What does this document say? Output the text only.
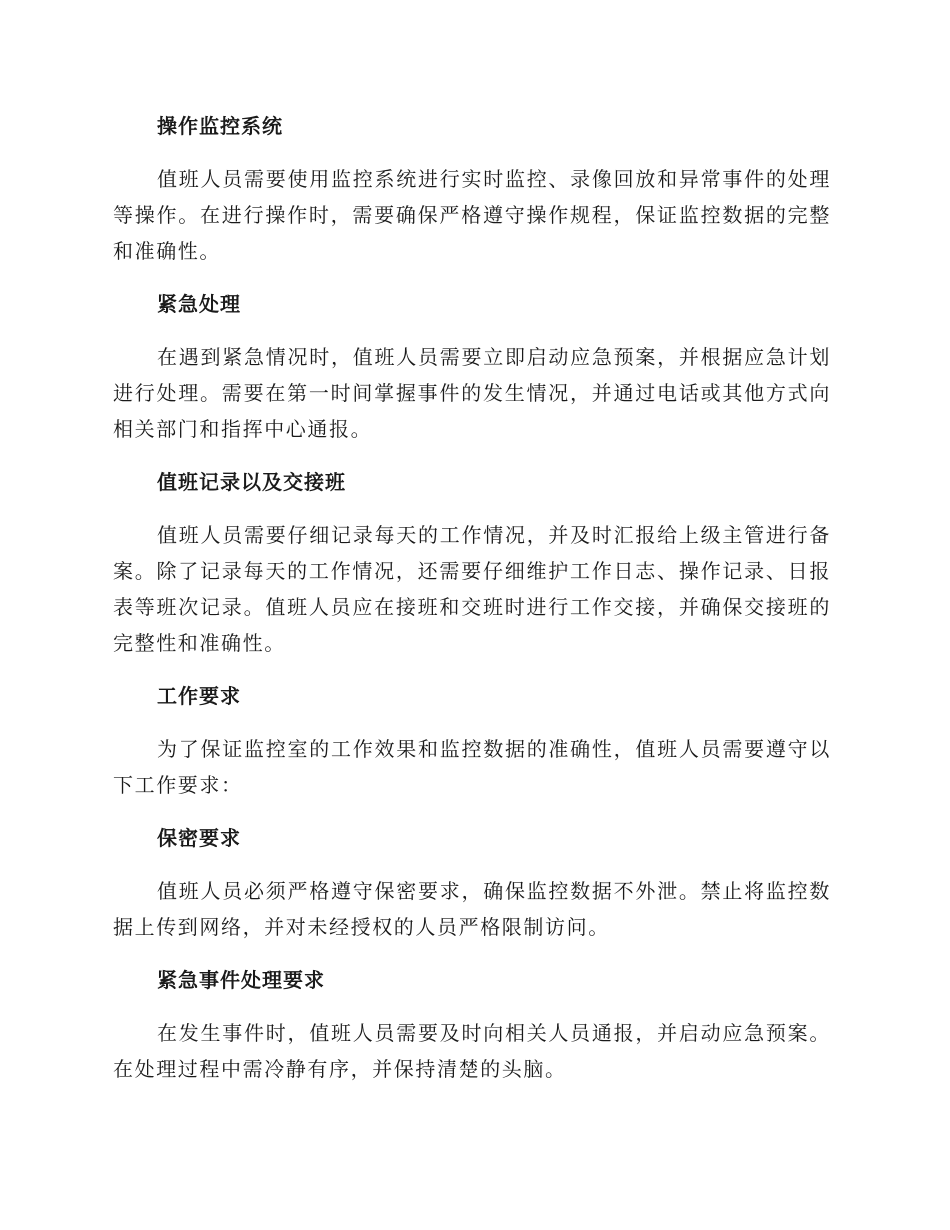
操作监控系统

值班人员需要使用监控系统进行实时监控、录像回放和异常事件的处理等操作。在进行操作时，需要确保严格遵守操作规程，保证监控数据的完整和准确性。

紧急处理

在遇到紧急情况时，值班人员需要立即启动应急预案，并根据应急计划进行处理。需要在第一时间掌握事件的发生情况，并通过电话或其他方式向相关部门和指挥中心通报。

值班记录以及交接班

值班人员需要仔细记录每天的工作情况，并及时汇报给上级主管进行备案。除了记录每天的工作情况，还需要仔细维护工作日志、操作记录、日报表等班次记录。值班人员应在接班和交班时进行工作交接，并确保交接班的完整性和准确性。

工作要求

为了保证监控室的工作效果和监控数据的准确性，值班人员需要遵守以下工作要求：

保密要求

值班人员必须严格遵守保密要求，确保监控数据不外泄。禁止将监控数据上传到网络，并对未经授权的人员严格限制访问。

紧急事件处理要求

在发生事件时，值班人员需要及时向相关人员通报，并启动应急预案。在处理过程中需冷静有序，并保持清楚的头脑。
